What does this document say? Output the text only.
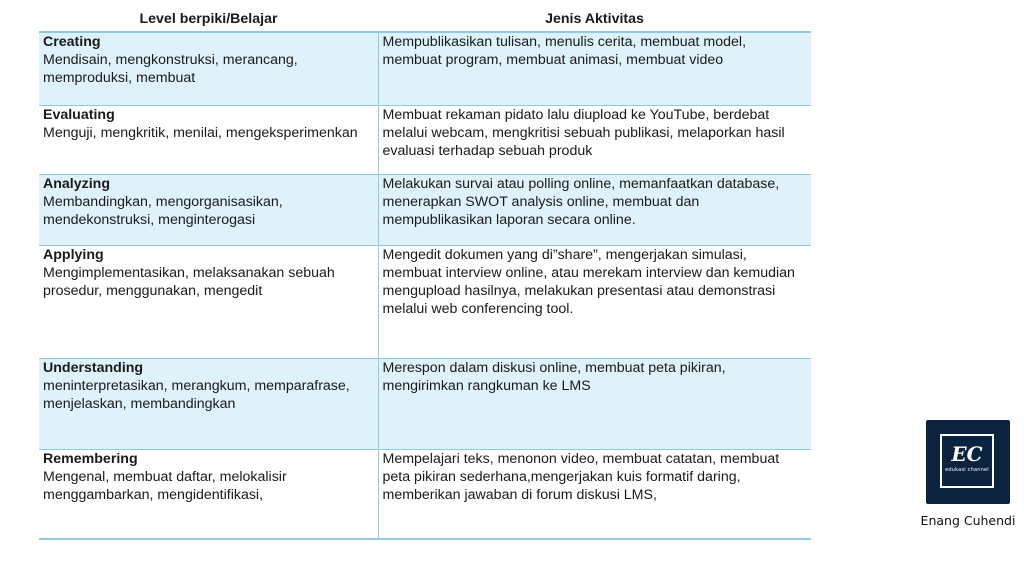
Level berpiki/Belajar	Jenis Aktivitas

Creating
Mendisain, mengkonstruksi, merancang, memproduksi, membuat	Mempublikasikan tulisan, menulis cerita, membuat model, membuat program, membuat animasi, membuat video

Evaluating
Menguji, mengkritik, menilai, mengeksperimenkan	Membuat rekaman pidato lalu diupload ke YouTube, berdebat melalui webcam, mengkritisi sebuah publikasi, melaporkan hasil evaluasi terhadap sebuah produk

Analyzing
Membandingkan, mengorganisasikan, mendekonstruksi, menginterogasi	Melakukan survai atau polling online, memanfaatkan database, menerapkan SWOT analysis online, membuat dan mempublikasikan laporan secara online.

Applying
Mengimplementasikan, melaksanakan sebuah prosedur, menggunakan, mengedit	Mengedit dokumen yang di”share”, mengerjakan simulasi, membuat interview online, atau merekam interview dan kemudian mengupload hasilnya, melakukan presentasi atau demonstrasi melalui web conferencing tool.

Understanding
meninterpretasikan, merangkum, memparafrase, menjelaskan, membandingkan	Merespon dalam diskusi online, membuat peta pikiran, mengirimkan rangkuman ke LMS

Remembering
Mengenal, membuat daftar, melokalisir menggambarkan, mengidentifikasi,	Mempelajari teks, menonon video, membuat catatan, membuat peta pikiran sederhana,mengerjakan kuis formatif daring, memberikan jawaban di forum diskusi LMS,
EC
edukasi channel
Enang Cuhendi
